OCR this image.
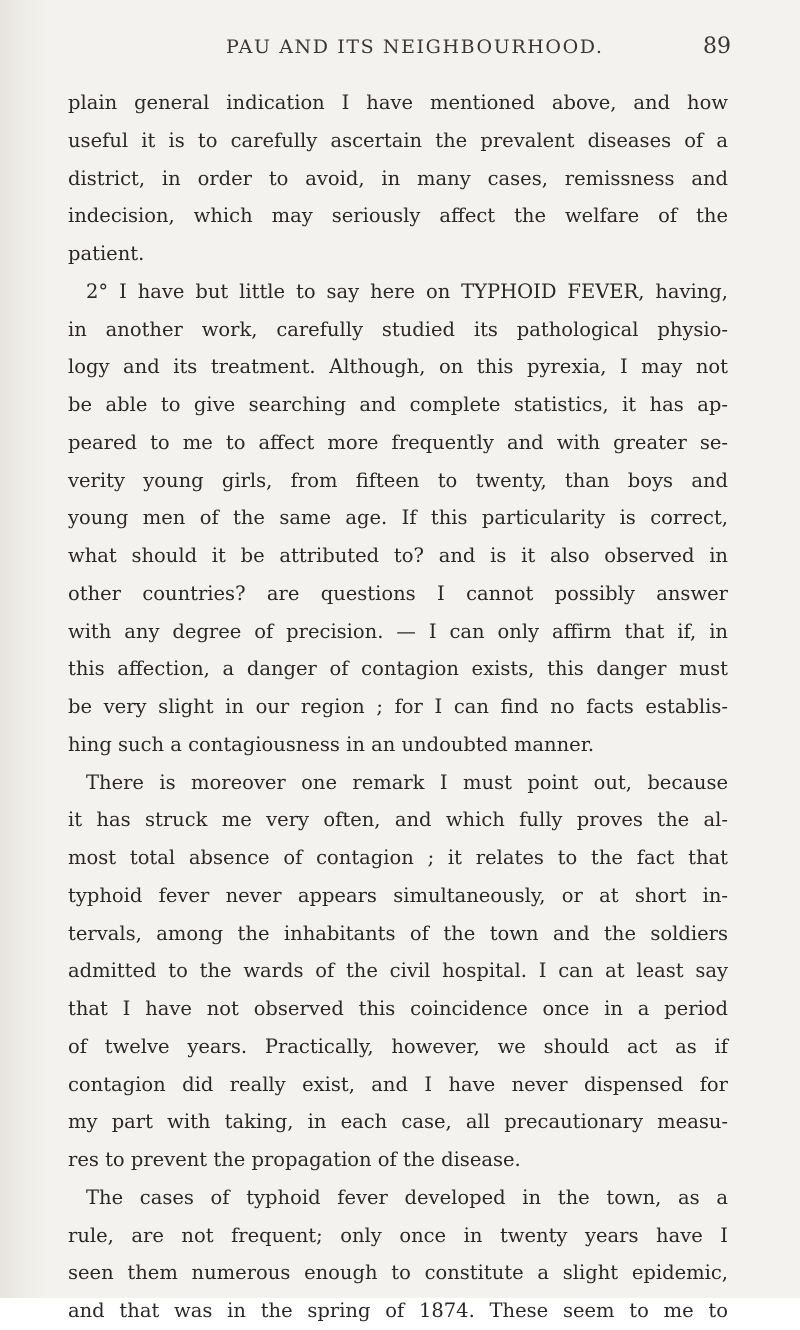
PAU AND ITS NEIGHBOURHOOD.	89
plain general indication I have mentioned above, and how
useful it is to carefully ascertain the prevalent diseases of a
district, in order to avoid, in many cases, remissness and
indecision, which may seriously affect the welfare of the
patient.
2° I have but little to say here on TYPHOID FEVER, having,
in another work, carefully studied its pathological physio-
logy and its treatment. Although, on this pyrexia, I may not
be able to give searching and complete statistics, it has ap-
peared to me to affect more frequently and with greater se-
verity young girls, from fifteen to twenty, than boys and
young men of the same age. If this particularity is correct,
what should it be attributed to? and is it also observed in
other countries? are questions I cannot possibly answer
with any degree of precision. — I can only affirm that if, in
this affection, a danger of contagion exists, this danger must
be very slight in our region ; for I can find no facts establis-
hing such a contagiousness in an undoubted manner.
There is moreover one remark I must point out, because
it has struck me very often, and which fully proves the al-
most total absence of contagion ; it relates to the fact that
typhoid fever never appears simultaneously, or at short in-
tervals, among the inhabitants of the town and the soldiers
admitted to the wards of the civil hospital. I can at least say
that I have not observed this coincidence once in a period
of twelve years. Practically, however, we should act as if
contagion did really exist, and I have never dispensed for
my part with taking, in each case, all precautionary measu-
res to prevent the propagation of the disease.
The cases of typhoid fever developed in the town, as a
rule, are not frequent; only once in twenty years have I
seen them numerous enough to constitute a slight epidemic,
and that was in the spring of 1874. These seem to me to
